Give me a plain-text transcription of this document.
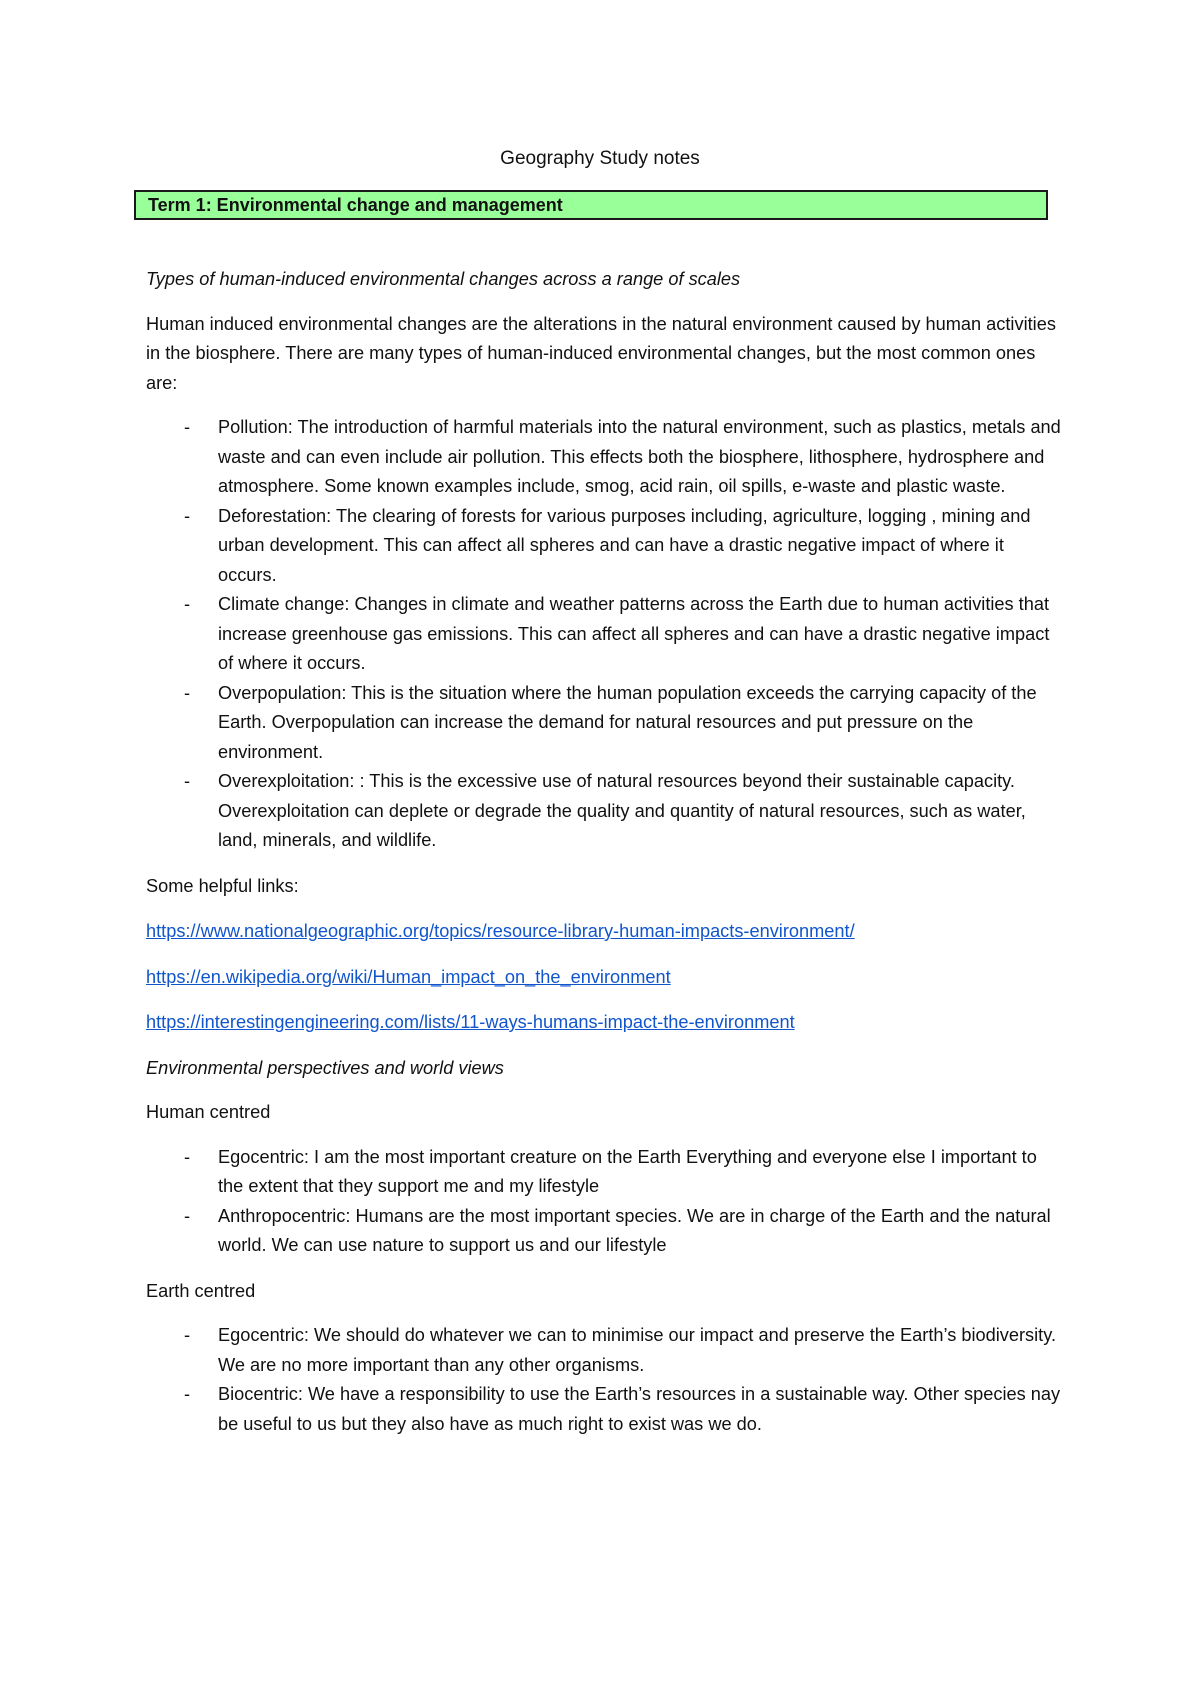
Geography Study notes
Term 1: Environmental change and management

Types of human-induced environmental changes across a range of scales

Human induced environmental changes are the alterations in the natural environment caused by human activities in the biosphere. There are many types of human-induced environmental changes, but the most common ones are:

- Pollution: The introduction of harmful materials into the natural environment, such as plastics, metals and waste and can even include air pollution. This effects both the biosphere, lithosphere, hydrosphere and atmosphere. Some known examples include, smog, acid rain, oil spills, e-waste and plastic waste.
- Deforestation: The clearing of forests for various purposes including, agriculture, logging , mining and urban development. This can affect all spheres and can have a drastic negative impact of where it occurs.
- Climate change: Changes in climate and weather patterns across the Earth due to human activities that increase greenhouse gas emissions. This can affect all spheres and can have a drastic negative impact of where it occurs.
- Overpopulation: This is the situation where the human population exceeds the carrying capacity of the Earth. Overpopulation can increase the demand for natural resources and put pressure on the environment.
- Overexploitation: : This is the excessive use of natural resources beyond their sustainable capacity. Overexploitation can deplete or degrade the quality and quantity of natural resources, such as water, land, minerals, and wildlife.

Some helpful links:

https://www.nationalgeographic.org/topics/resource-library-human-impacts-environment/

https://en.wikipedia.org/wiki/Human_impact_on_the_environment

https://interestingengineering.com/lists/11-ways-humans-impact-the-environment

Environmental perspectives and world views

Human centred

- Egocentric: I am the most important creature on the Earth Everything and everyone else I important to the extent that they support me and my lifestyle
- Anthropocentric: Humans are the most important species. We are in charge of the Earth and the natural world. We can use nature to support us and our lifestyle

Earth centred

- Egocentric: We should do whatever we can to minimise our impact and preserve the Earth’s biodiversity. We are no more important than any other organisms.
- Biocentric: We have a responsibility to use the Earth’s resources in a sustainable way. Other species nay be useful to us but they also have as much right to exist was we do.
